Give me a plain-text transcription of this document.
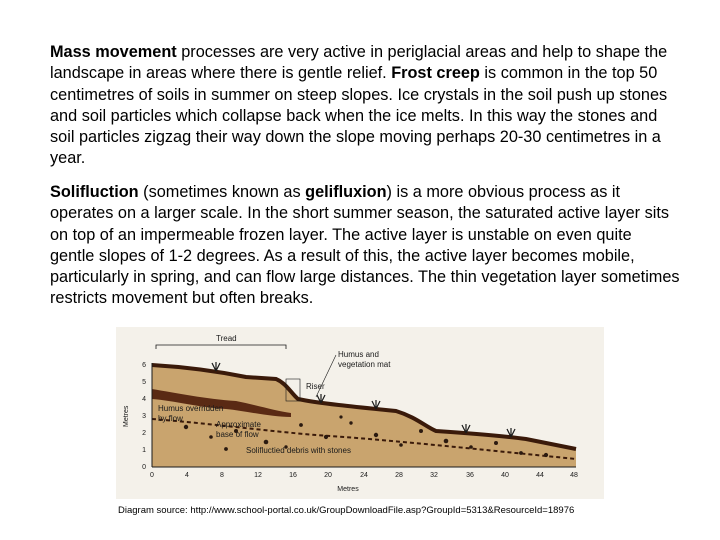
Mass movement processes are very active in periglacial areas and help to shape the landscape in areas where there is gentle relief. Frost creep is common in the top 50 centimetres of soils in summer on steep slopes. Ice crystals in the soil push up stones and soil particles which collapse back when the ice melts. In this way the stones and soil particles zigzag their way down the slope moving perhaps 20-30 centimetres in a year.

Solifluction (sometimes known as gelifluxion) is a more obvious process as it operates on a larger scale. In the short summer season, the saturated active layer sits on top of an impermeable frozen layer. The active layer is unstable on even quite gentle slopes of 1-2 degrees. As a result of this, the active layer becomes mobile, particularly in spring, and can flow large distances. The thin vegetation layer sometimes restricts movement but often breaks.

0
1
2
3
4
5
6
Metres
0	4	8	12	16	20	24	28	32	36	40	44	48
Metres
Tread
Humus and
vegetation mat
Riser
Humus overridden
by flow
Approximate
base of flow
Solifluctied debris with stones
Diagram source: http://www.school-portal.co.uk/GroupDownloadFile.asp?GroupId=5313&ResourceId=18976
